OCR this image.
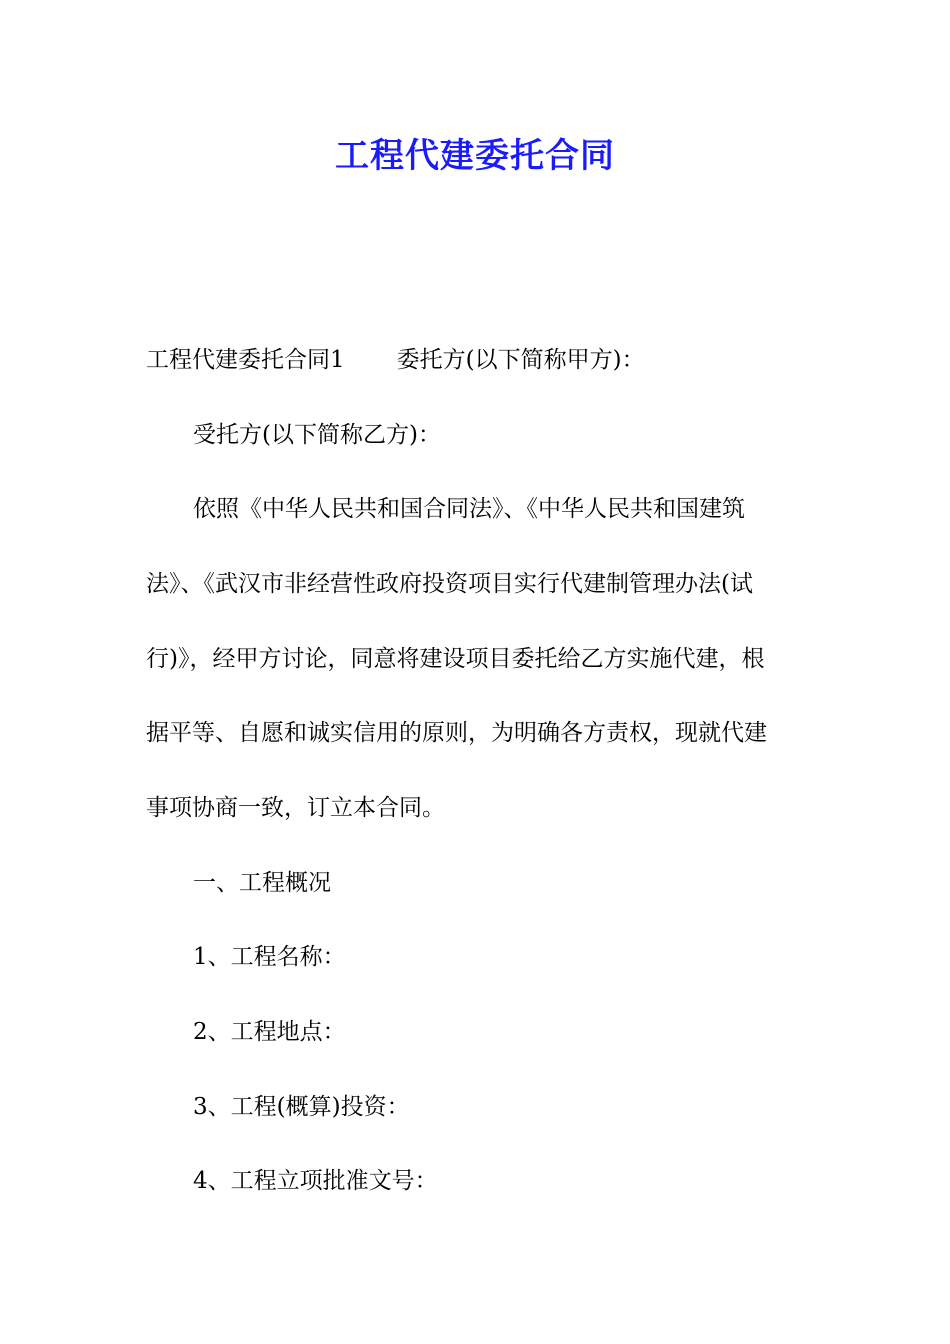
工程代建委托合同
工程代建委托合同1 委托方(以下简称甲方)：
受托方(以下简称乙方)：
依照《中华人民共和国合同法》、《中华人民共和国建筑
法》、《武汉市非经营性政府投资项目实行代建制管理办法(试
行)》，经甲方讨论，同意将建设项目委托给乙方实施代建，根
据平等、自愿和诚实信用的原则，为明确各方责权，现就代建
事项协商一致，订立本合同。
一、工程概况
1、工程名称：
2、工程地点：
3、工程(概算)投资：
4、工程立项批准文号：
